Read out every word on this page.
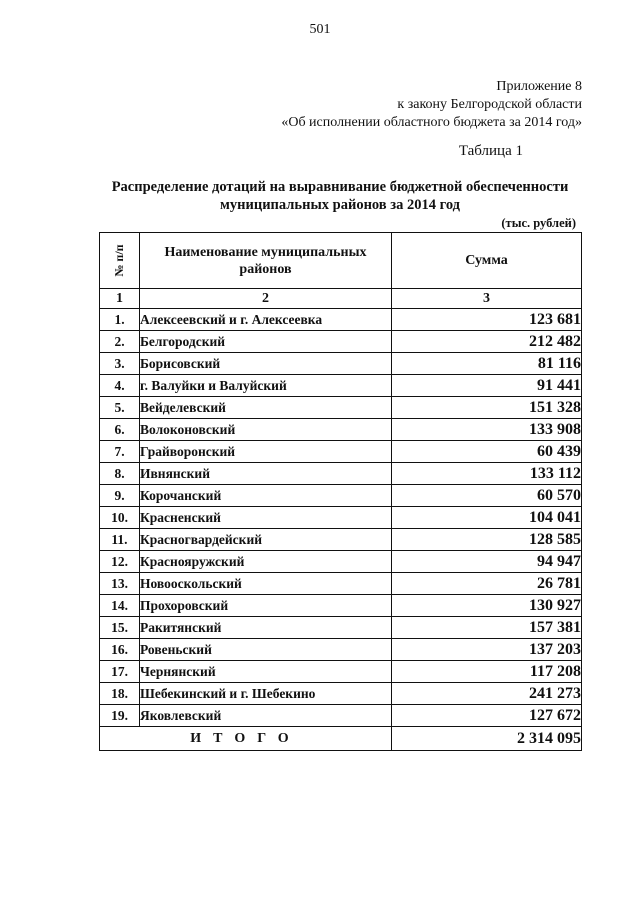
501
Приложение 8
к закону Белгородской области
«Об исполнении областного бюджета за 2014 год»
Таблица 1
Распределение дотаций на выравнивание бюджетной обеспеченности
муниципальных районов за 2014 год
(тыс. рублей)
№ п/п	Наименование муниципальных районов	Сумма
1	2	3
1.	Алексеевский и г. Алексеевка	123 681
2.	Белгородский	212 482
3.	Борисовский	81 116
4.	г. Валуйки и Валуйский	91 441
5.	Вейделевский	151 328
6.	Волоконовский	133 908
7.	Грайворонский	60 439
8.	Ивнянский	133 112
9.	Корочанский	60 570
10.	Красненский	104 041
11.	Красногвардейский	128 585
12.	Краснояружский	94 947
13.	Новооскольский	26 781
14.	Прохоровский	130 927
15.	Ракитянский	157 381
16.	Ровеньский	137 203
17.	Чернянский	117 208
18.	Шебекинский и г. Шебекино	241 273
19.	Яковлевский	127 672
ИТОГО		2 314 095
